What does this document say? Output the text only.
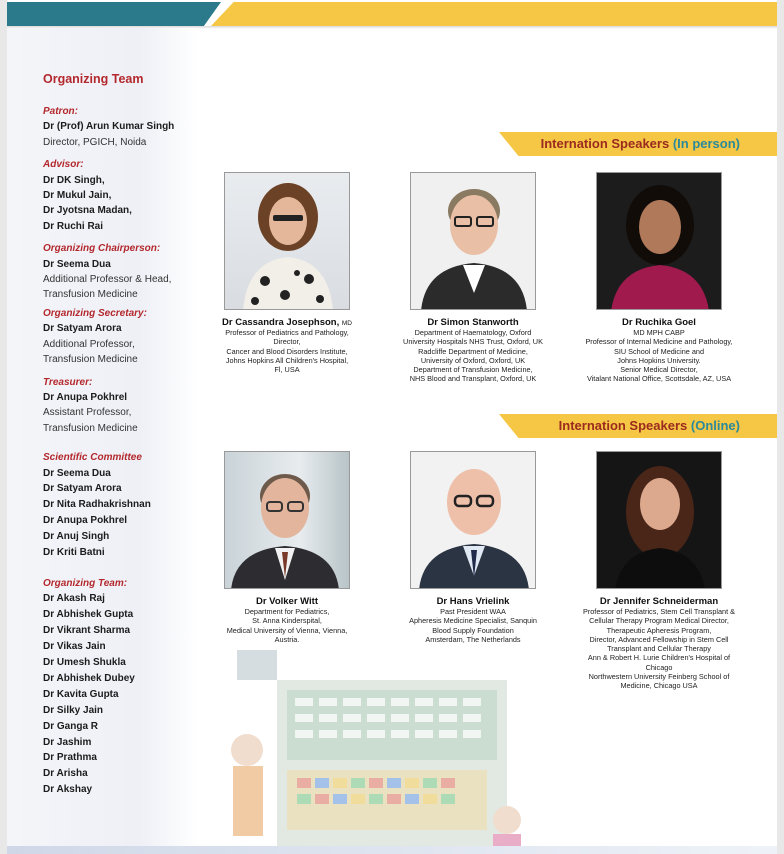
Organizing Team
Patron:
Dr (Prof) Arun Kumar Singh
Director, PGICH, Noida
Advisor:
Dr DK Singh,
Dr Mukul Jain,
Dr Jyotsna Madan,
Dr Ruchi Rai
Organizing Chairperson:
Dr Seema Dua
Additional Professor & Head,
Transfusion Medicine
Organizing Secretary:
Dr Satyam Arora
Additional Professor,
Transfusion Medicine
Treasurer:
Dr Anupa Pokhrel
Assistant Professor,
Transfusion Medicine
Scientific Committee
Dr Seema Dua
Dr Satyam Arora
Dr Nita Radhakrishnan
Dr Anupa Pokhrel
Dr Anuj Singh
Dr Kriti Batni
Organizing Team:
Dr Akash Raj
Dr Abhishek Gupta
Dr Vikrant Sharma
Dr Vikas Jain
Dr Umesh Shukla
Dr Abhishek Dubey
Dr Kavita Gupta
Dr Silky Jain
Dr Ganga R
Dr Jashim
Dr Prathma
Dr Arisha
Dr Akshay
Internation Speakers (In person)
Internation Speakers (Online)
Dr Cassandra Josephson, MD
Professor of Pediatrics and Pathology,
Director,
Cancer and Blood Disorders Institute,
Johns Hopkins All Children's Hospital,
Fl, USA
Dr Simon Stanworth
Department of Haematology, Oxford
University Hospitals NHS Trust, Oxford, UK
Radcliffe Department of Medicine,
University of Oxford, Oxford, UK
Department of Transfusion Medicine,
NHS Blood and Transplant, Oxford, UK
Dr Ruchika Goel
MD MPH CABP
Professor of Internal Medicine and Pathology,
SIU School of Medicine and
Johns Hopkins University.
Senior Medical Director,
Vitalant National Office, Scottsdale, AZ, USA
Dr Volker Witt
Department for Pediatrics,
St. Anna Kinderspital,
Medical University of Vienna, Vienna,
Austria.
Dr Hans Vrielink
Past President WAA
Apheresis Medicine Specialist, Sanquin
Blood Supply Foundation
Amsterdam, The Netherlands
Dr Jennifer Schneiderman
Professor of Pediatrics, Stem Cell Transplant &
Cellular Therapy Program Medical Director,
Therapeutic Apheresis Program,
Director, Advanced Fellowship in Stem Cell
Transplant and Cellular Therapy
Ann & Robert H. Lurie Children's Hospital of
Chicago
Northwestern University Feinberg School of
Medicine, Chicago USA
